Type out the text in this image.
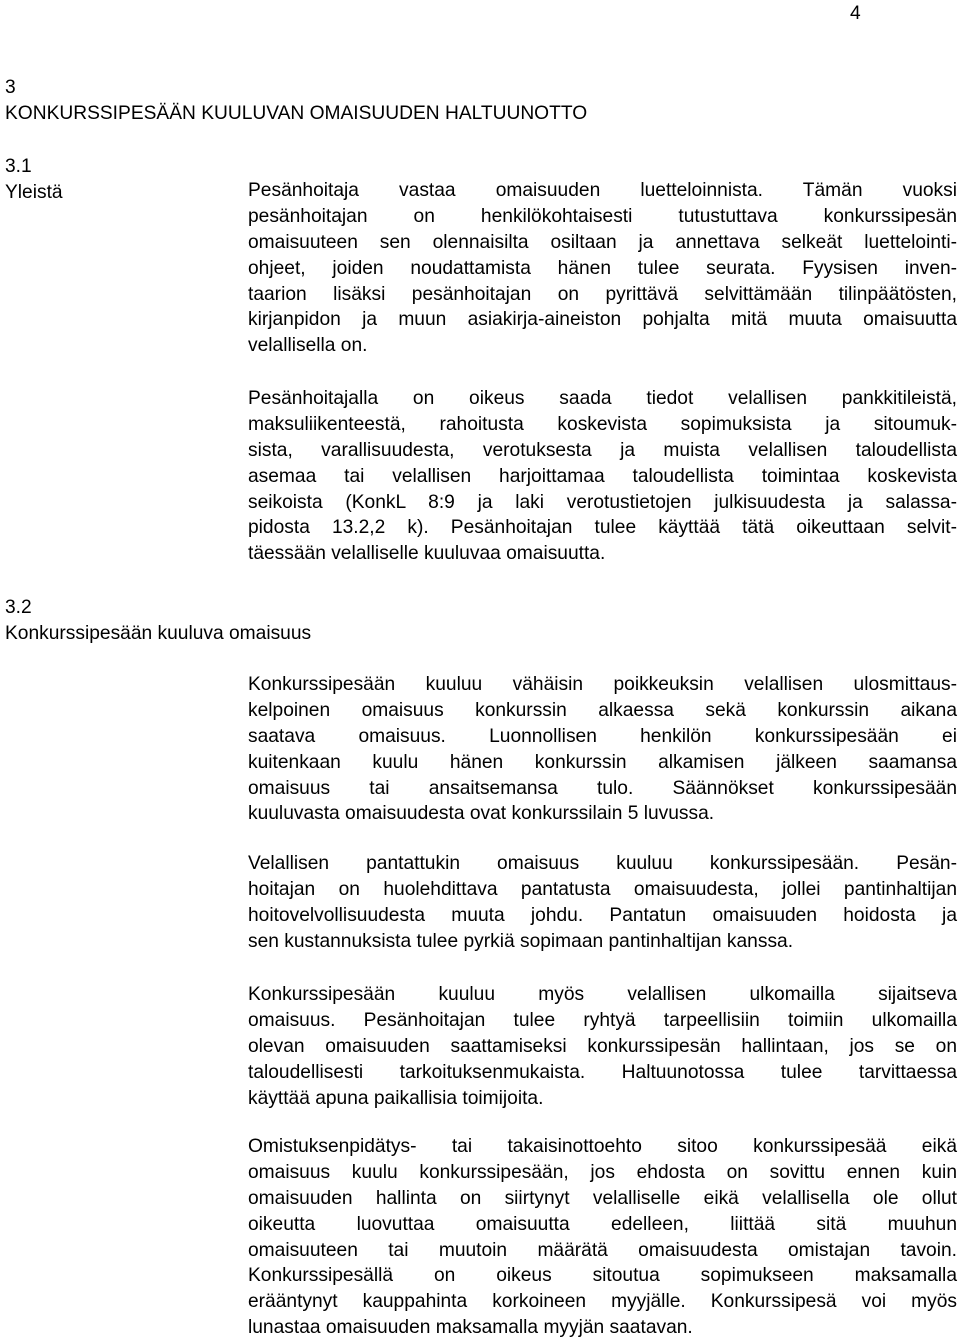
4
3
KONKURSSIPESÄÄN KUULUVAN OMAISUUDEN HALTUUNOTTO
3.1
Yleistä	Pesänhoitaja vastaa omaisuuden luetteloinnista. Tämän vuoksi
pesänhoitajan on henkilökohtaisesti tutustuttava konkurssipesän
omaisuuteen sen olennaisilta osiltaan ja annettava selkeät luettelointi-
ohjeet, joiden noudattamista hänen tulee seurata. Fyysisen inven-
taarion lisäksi pesänhoitajan on pyrittävä selvittämään tilinpäätösten,
kirjanpidon ja muun asiakirja-aineiston pohjalta mitä muuta omaisuutta
velallisella on.
Pesänhoitajalla on oikeus saada tiedot velallisen pankkitileistä,
maksuliikenteestä, rahoitusta koskevista sopimuksista ja sitoumuk-
sista, varallisuudesta, verotuksesta ja muista velallisen taloudellista
asemaa tai velallisen harjoittamaa taloudellista toimintaa koskevista
seikoista (KonkL 8:9 ja laki verotustietojen julkisuudesta ja salassa-
pidosta 13.2,2 k). Pesänhoitajan tulee käyttää tätä oikeuttaan selvit-
täessään velalliselle kuuluvaa omaisuutta.
3.2
Konkurssipesään kuuluva omaisuus
Konkurssipesään kuuluu vähäisin poikkeuksin velallisen ulosmittaus-
kelpoinen omaisuus konkurssin alkaessa sekä konkurssin aikana
saatava omaisuus. Luonnollisen henkilön konkurssipesään ei
kuitenkaan kuulu hänen konkurssin alkamisen jälkeen saamansa
omaisuus tai ansaitsemansa tulo. Säännökset konkurssipesään
kuuluvasta omaisuudesta ovat konkurssilain 5 luvussa.
Velallisen pantattukin omaisuus kuuluu konkurssipesään. Pesän-
hoitajan on huolehdittava pantatusta omaisuudesta, jollei pantinhaltijan
hoitovelvollisuudesta muuta johdu. Pantatun omaisuuden hoidosta ja
sen kustannuksista tulee pyrkiä sopimaan pantinhaltijan kanssa.
Konkurssipesään kuuluu myös velallisen ulkomailla sijaitseva
omaisuus. Pesänhoitajan tulee ryhtyä tarpeellisiin toimiin ulkomailla
olevan omaisuuden saattamiseksi konkurssipesän hallintaan, jos se on
taloudellisesti tarkoituksenmukaista. Haltuunotossa tulee tarvittaessa
käyttää apuna paikallisia toimijoita.
Omistuksenpidätys- tai takaisinottoehto sitoo konkurssipesää eikä
omaisuus kuulu konkurssipesään, jos ehdosta on sovittu ennen kuin
omaisuuden hallinta on siirtynyt velalliselle eikä velallisella ole ollut
oikeutta luovuttaa omaisuutta edelleen, liittää sitä muuhun
omaisuuteen tai muutoin määrätä omaisuudesta omistajan tavoin.
Konkurssipesällä on oikeus sitoutua sopimukseen maksamalla
erääntynyt kauppahinta korkoineen myyjälle. Konkurssipesä voi myös
lunastaa omaisuuden maksamalla myyjän saatavan.
